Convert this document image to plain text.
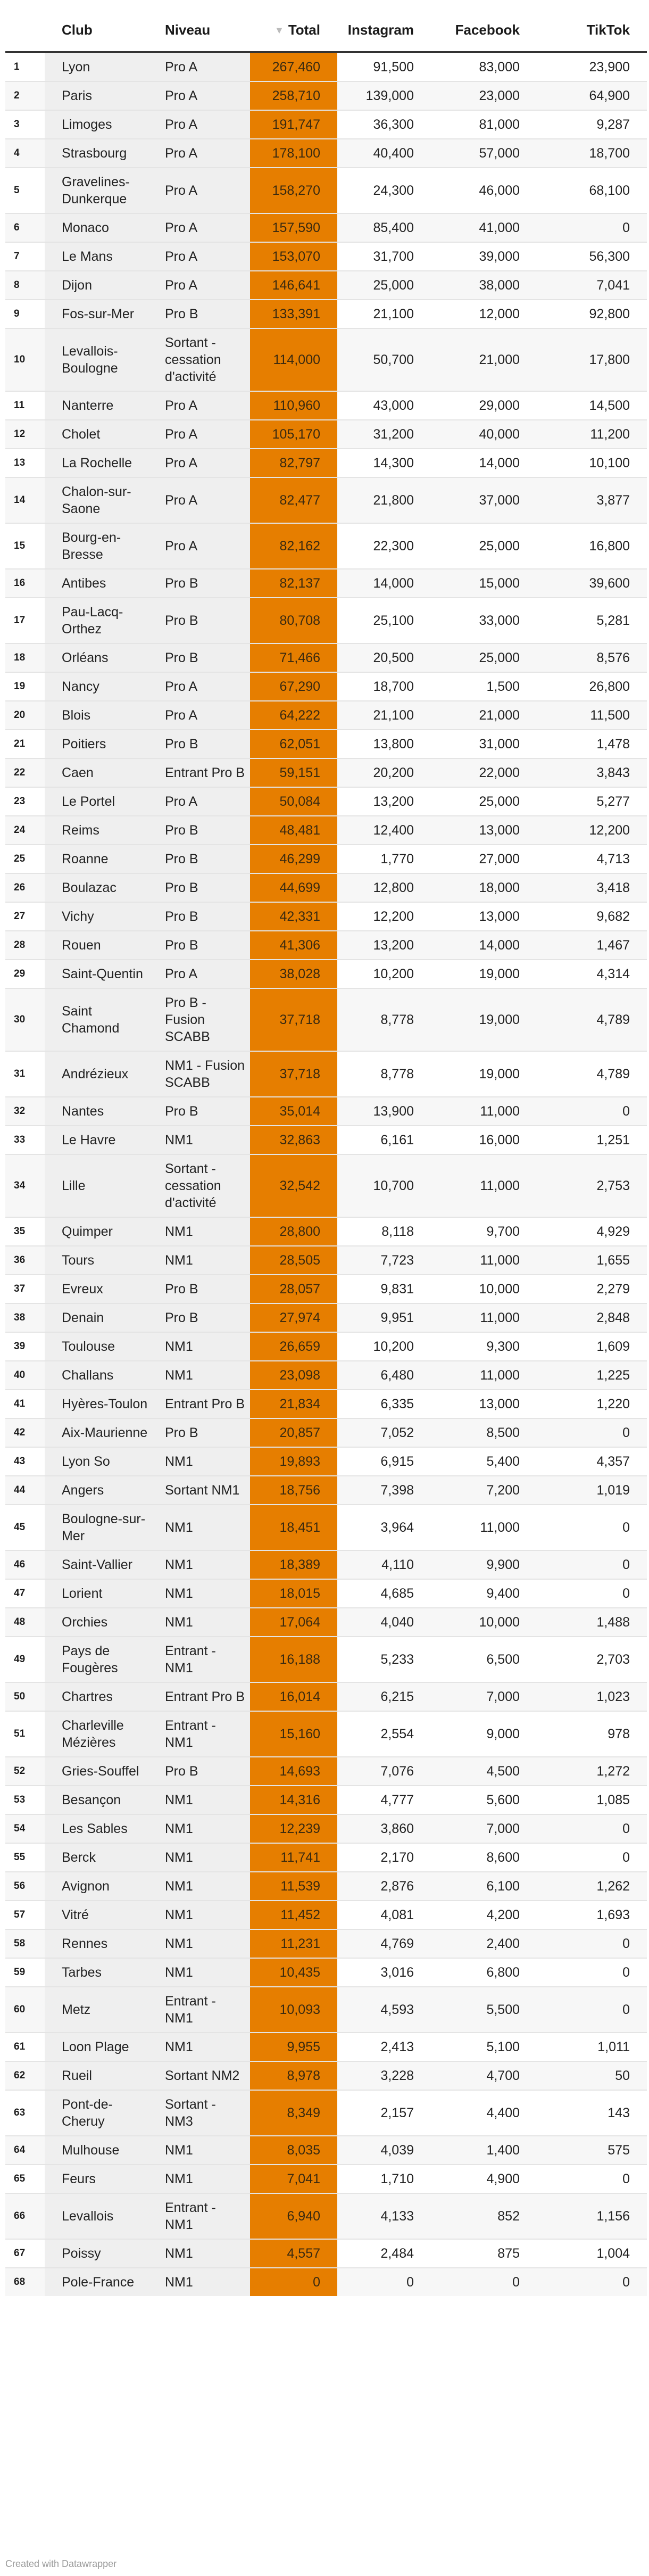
	Club	Niveau	▼ Total	Instagram	Facebook	TikTok
1	Lyon	Pro A	267,460	91,500	83,000	23,900
2	Paris	Pro A	258,710	139,000	23,000	64,900
3	Limoges	Pro A	191,747	36,300	81,000	9,287
4	Strasbourg	Pro A	178,100	40,400	57,000	18,700
5	Gravelines-Dunkerque	Pro A	158,270	24,300	46,000	68,100
6	Monaco	Pro A	157,590	85,400	41,000	0
7	Le Mans	Pro A	153,070	31,700	39,000	56,300
8	Dijon	Pro A	146,641	25,000	38,000	7,041
9	Fos-sur-Mer	Pro B	133,391	21,100	12,000	92,800
10	Levallois-Boulogne	Sortant - cessation d'activité	114,000	50,700	21,000	17,800
11	Nanterre	Pro A	110,960	43,000	29,000	14,500
12	Cholet	Pro A	105,170	31,200	40,000	11,200
13	La Rochelle	Pro A	82,797	14,300	14,000	10,100
14	Chalon-sur-Saone	Pro A	82,477	21,800	37,000	3,877
15	Bourg-en-Bresse	Pro A	82,162	22,300	25,000	16,800
16	Antibes	Pro B	82,137	14,000	15,000	39,600
17	Pau-Lacq-Orthez	Pro B	80,708	25,100	33,000	5,281
18	Orléans	Pro B	71,466	20,500	25,000	8,576
19	Nancy	Pro A	67,290	18,700	1,500	26,800
20	Blois	Pro A	64,222	21,100	21,000	11,500
21	Poitiers	Pro B	62,051	13,800	31,000	1,478
22	Caen	Entrant Pro B	59,151	20,200	22,000	3,843
23	Le Portel	Pro A	50,084	13,200	25,000	5,277
24	Reims	Pro B	48,481	12,400	13,000	12,200
25	Roanne	Pro B	46,299	1,770	27,000	4,713
26	Boulazac	Pro B	44,699	12,800	18,000	3,418
27	Vichy	Pro B	42,331	12,200	13,000	9,682
28	Rouen	Pro B	41,306	13,200	14,000	1,467
29	Saint-Quentin	Pro A	38,028	10,200	19,000	4,314
30	Saint Chamond	Pro B - Fusion SCABB	37,718	8,778	19,000	4,789
31	Andrézieux	NM1 - Fusion SCABB	37,718	8,778	19,000	4,789
32	Nantes	Pro B	35,014	13,900	11,000	0
33	Le Havre	NM1	32,863	6,161	16,000	1,251
34	Lille	Sortant - cessation d'activité	32,542	10,700	11,000	2,753
35	Quimper	NM1	28,800	8,118	9,700	4,929
36	Tours	NM1	28,505	7,723	11,000	1,655
37	Evreux	Pro B	28,057	9,831	10,000	2,279
38	Denain	Pro B	27,974	9,951	11,000	2,848
39	Toulouse	NM1	26,659	10,200	9,300	1,609
40	Challans	NM1	23,098	6,480	11,000	1,225
41	Hyères-Toulon	Entrant Pro B	21,834	6,335	13,000	1,220
42	Aix-Maurienne	Pro B	20,857	7,052	8,500	0
43	Lyon So	NM1	19,893	6,915	5,400	4,357
44	Angers	Sortant NM1	18,756	7,398	7,200	1,019
45	Boulogne-sur-Mer	NM1	18,451	3,964	11,000	0
46	Saint-Vallier	NM1	18,389	4,110	9,900	0
47	Lorient	NM1	18,015	4,685	9,400	0
48	Orchies	NM1	17,064	4,040	10,000	1,488
49	Pays de Fougères	Entrant - NM1	16,188	5,233	6,500	2,703
50	Chartres	Entrant Pro B	16,014	6,215	7,000	1,023
51	Charleville Mézières	Entrant - NM1	15,160	2,554	9,000	978
52	Gries-Souffel	Pro B	14,693	7,076	4,500	1,272
53	Besançon	NM1	14,316	4,777	5,600	1,085
54	Les Sables	NM1	12,239	3,860	7,000	0
55	Berck	NM1	11,741	2,170	8,600	0
56	Avignon	NM1	11,539	2,876	6,100	1,262
57	Vitré	NM1	11,452	4,081	4,200	1,693
58	Rennes	NM1	11,231	4,769	2,400	0
59	Tarbes	NM1	10,435	3,016	6,800	0
60	Metz	Entrant - NM1	10,093	4,593	5,500	0
61	Loon Plage	NM1	9,955	2,413	5,100	1,011
62	Rueil	Sortant NM2	8,978	3,228	4,700	50
63	Pont-de-Cheruy	Sortant - NM3	8,349	2,157	4,400	143
64	Mulhouse	NM1	8,035	4,039	1,400	575
65	Feurs	NM1	7,041	1,710	4,900	0
66	Levallois	Entrant - NM1	6,940	4,133	852	1,156
67	Poissy	NM1	4,557	2,484	875	1,004
68	Pole-France	NM1	0	0	0	0
Created with Datawrapper
